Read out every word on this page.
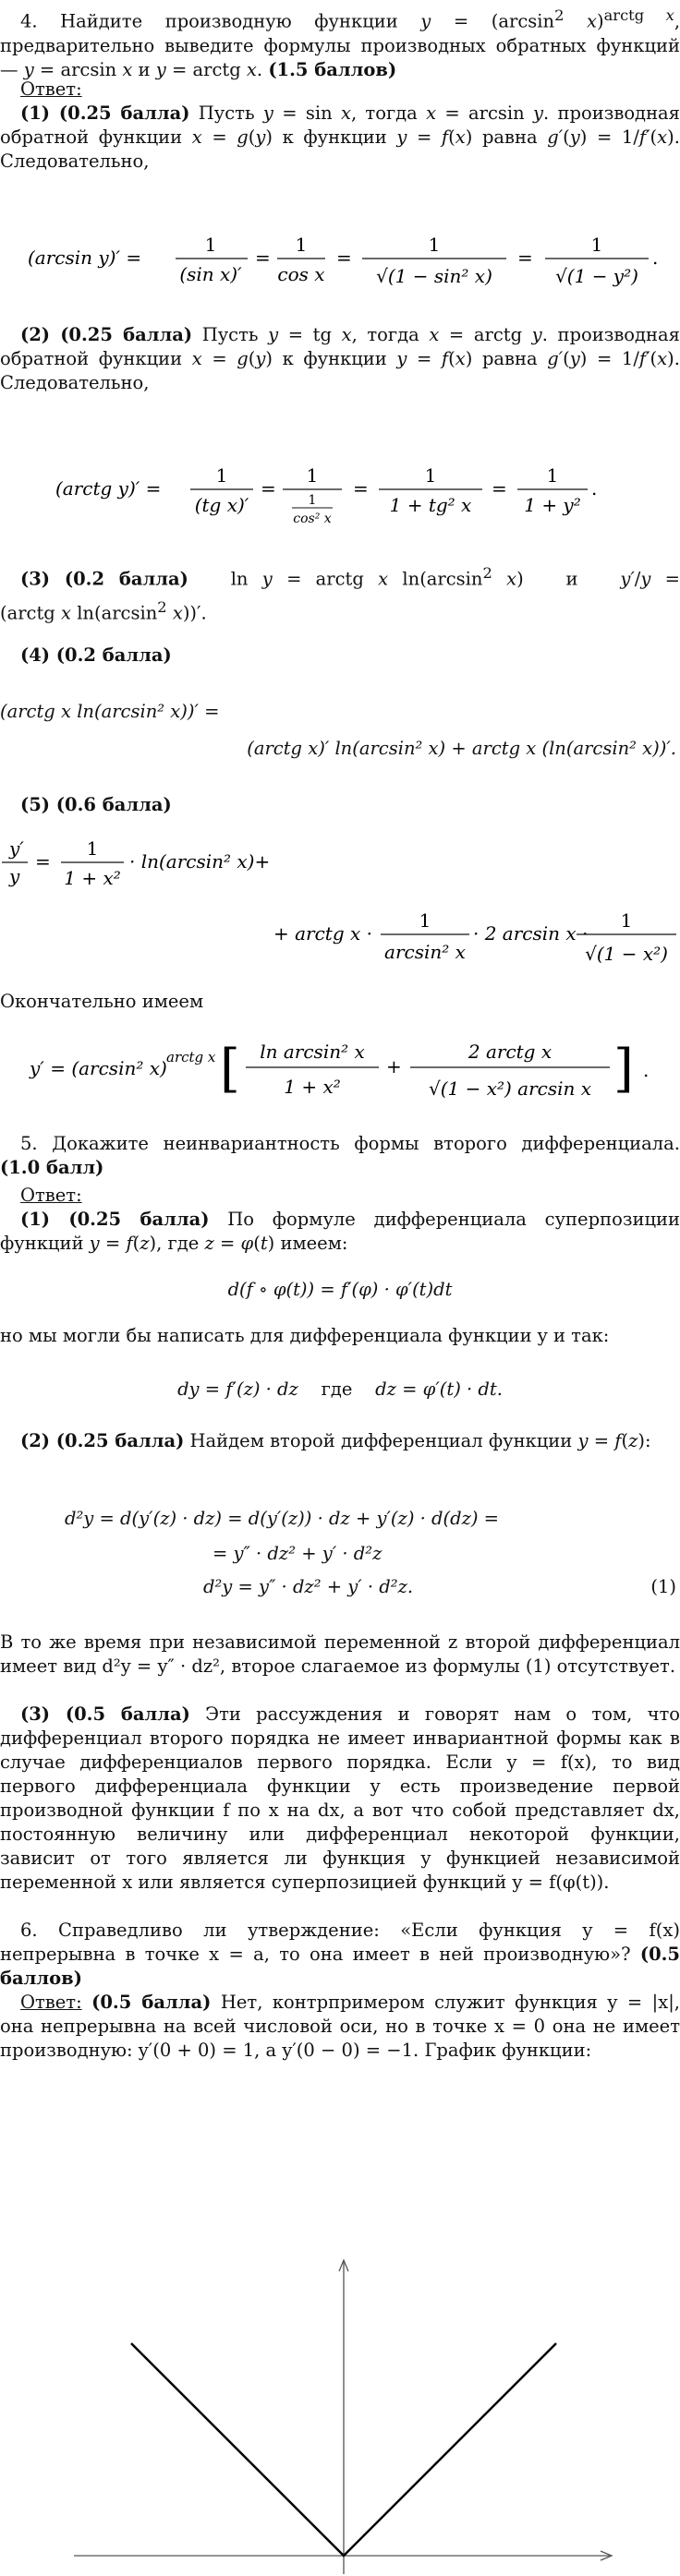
4. Найдите производную функции $y = (\arcsin^2$ x)$^{arctg x}$, предварительно выведите формулы производных обратных функций — y = arcsin x и y = arctg x. (1.5 баллов)
Ответ:
(1) (0.25 балла) Пусть y = sin x, тогда x = arcsin y. производная обратной функции x = g(y) к функции y = f(x) равна g′(y) = 1/f′(x). Следовательно,
(arcsin y)′ =
1
(sin x)′
=
1
cos x
=
1
√(1 − sin² x)
=
1
√(1 − y²)
.
(2) (0.25 балла) Пусть y = tg x, тогда x = arctg y. производная обратной функции x = g(y) к функции y = f(x) равна g′(y) = 1/f′(x). Следовательно,
(arctg y)′ =
1
(tg x)′
=
1
1
cos² x
=
1
1 + tg² x
=
1
1 + y²
.
(3) (0.2 балла)   ln y = arctg x $\ln(\arcsin^2$ x)   и   y′/y = (arctg x $\ln(\arcsin^2$ x))′.
(4) (0.2 балла)
(arctg x ln(arcsin² x))′ =
(arctg x)′ ln(arcsin² x) + arctg x (ln(arcsin² x))′.
(5) (0.6 балла)
y′
y
=
1
1 + x²
· ln(arcsin² x)+
+ arctg x ·
1
arcsin² x
· 2 arcsin x ·
1
√(1 − x²)
Окончательно имеем
y′ = (arcsin² x) arctg x [ ln arcsin² x
1 + x²
+
2 arctg x
√(1 − x²) arcsin x ] .
5. Докажите неинвариантность формы второго дифференциала. (1.0 балл)
Ответ:
(1) (0.25 балла) По формуле дифференциала суперпозиции функций y = f(z), где z = φ(t) имеем:
d(f ∘ φ(t)) = f′(φ) · φ′(t)dt
но мы могли бы написать для дифференциала функции y и так:
dy = f′(z) · dz где dz = φ′(t) · dt.
(2) (0.25 балла) Найдем второй дифференциал функции y = f(z):
d²y = d(y′(z) · dz) = d(y′(z)) · dz + y′(z) · d(dz) =
= y″ · dz² + y′ · d²z
d²y = y″ · dz² + y′ · d²z.	(1)
В то же время при независимой переменной z второй дифференциал имеет вид d²y = y″ · dz², второе слагаемое из формулы (1) отсутствует.
(3) (0.5 балла) Эти рассуждения и говорят нам о том, что дифференциал второго порядка не имеет инвариантной формы как в случае дифференциалов первого порядка. Если y = f(x), то вид первого дифференциала функции y есть произведение первой производной функции f по x на dx, а вот что собой представляет dx, постоянную величину или дифференциал некоторой функции, зависит от того является ли функция y функцией независимой переменной x или является суперпозицией функций y = f(φ(t)).
6. Справедливо ли утверждение: «Если функция y = f(x) непрерывна в точке x = a, то она имеет в ней производную»? (0.5 баллов)
Ответ: (0.5 балла) Нет, контрпримером служит функция y = |x|, она непрерывна на всей числовой оси, но в точке x = 0 она не имеет производную: y′(0 + 0) = 1, а y′(0 − 0) = −1. График функции:
